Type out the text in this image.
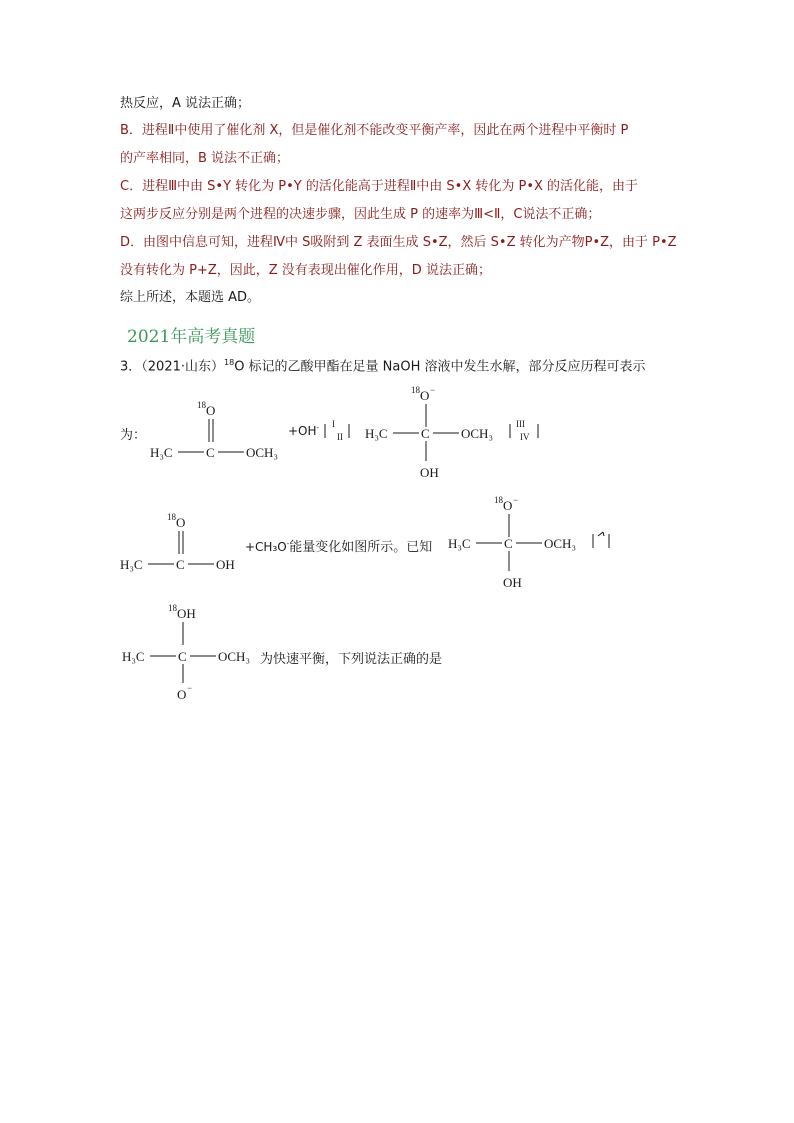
热反应，A 说法正确；
B．进程Ⅱ中使用了催化剂 X，但是催化剂不能改变平衡产率，因此在两个进程中平衡时 P
的产率相同，B 说法不正确；
C．进程Ⅲ中由 S•Y 转化为 P•Y 的活化能高于进程Ⅱ中由 S•X 转化为 P•X 的活化能，由于
这两步反应分别是两个进程的决速步骤，因此生成 P 的速率为Ⅲ<Ⅱ，C说法不正确；
D．由图中信息可知，进程Ⅳ中 S吸附到 Z 表面生成 S•Z，然后 S•Z 转化为产物P•Z，由于 P•Z
没有转化为 P+Z，因此，Z 没有表现出催化作用，D 说法正确；
综上所述，本题选 AD。
2021年高考真题
3．（2021·山东）$^{18}$O 标记的乙酸甲酯在足量 NaOH 溶液中发生水解，部分反应历程可表示
为：
18 O
H₃C	C OCH₃
+OH- I
II
18 O −
H₃C	C OCH₃
OH
III
IV
18 O
H₃C	C OH
+CH₃O-能量变化如图所示。已知
18 O −
H₃C	C OCH₃
OH
18 OH
H₃C	C OCH₃
O −
为快速平衡，下列说法正确的是
